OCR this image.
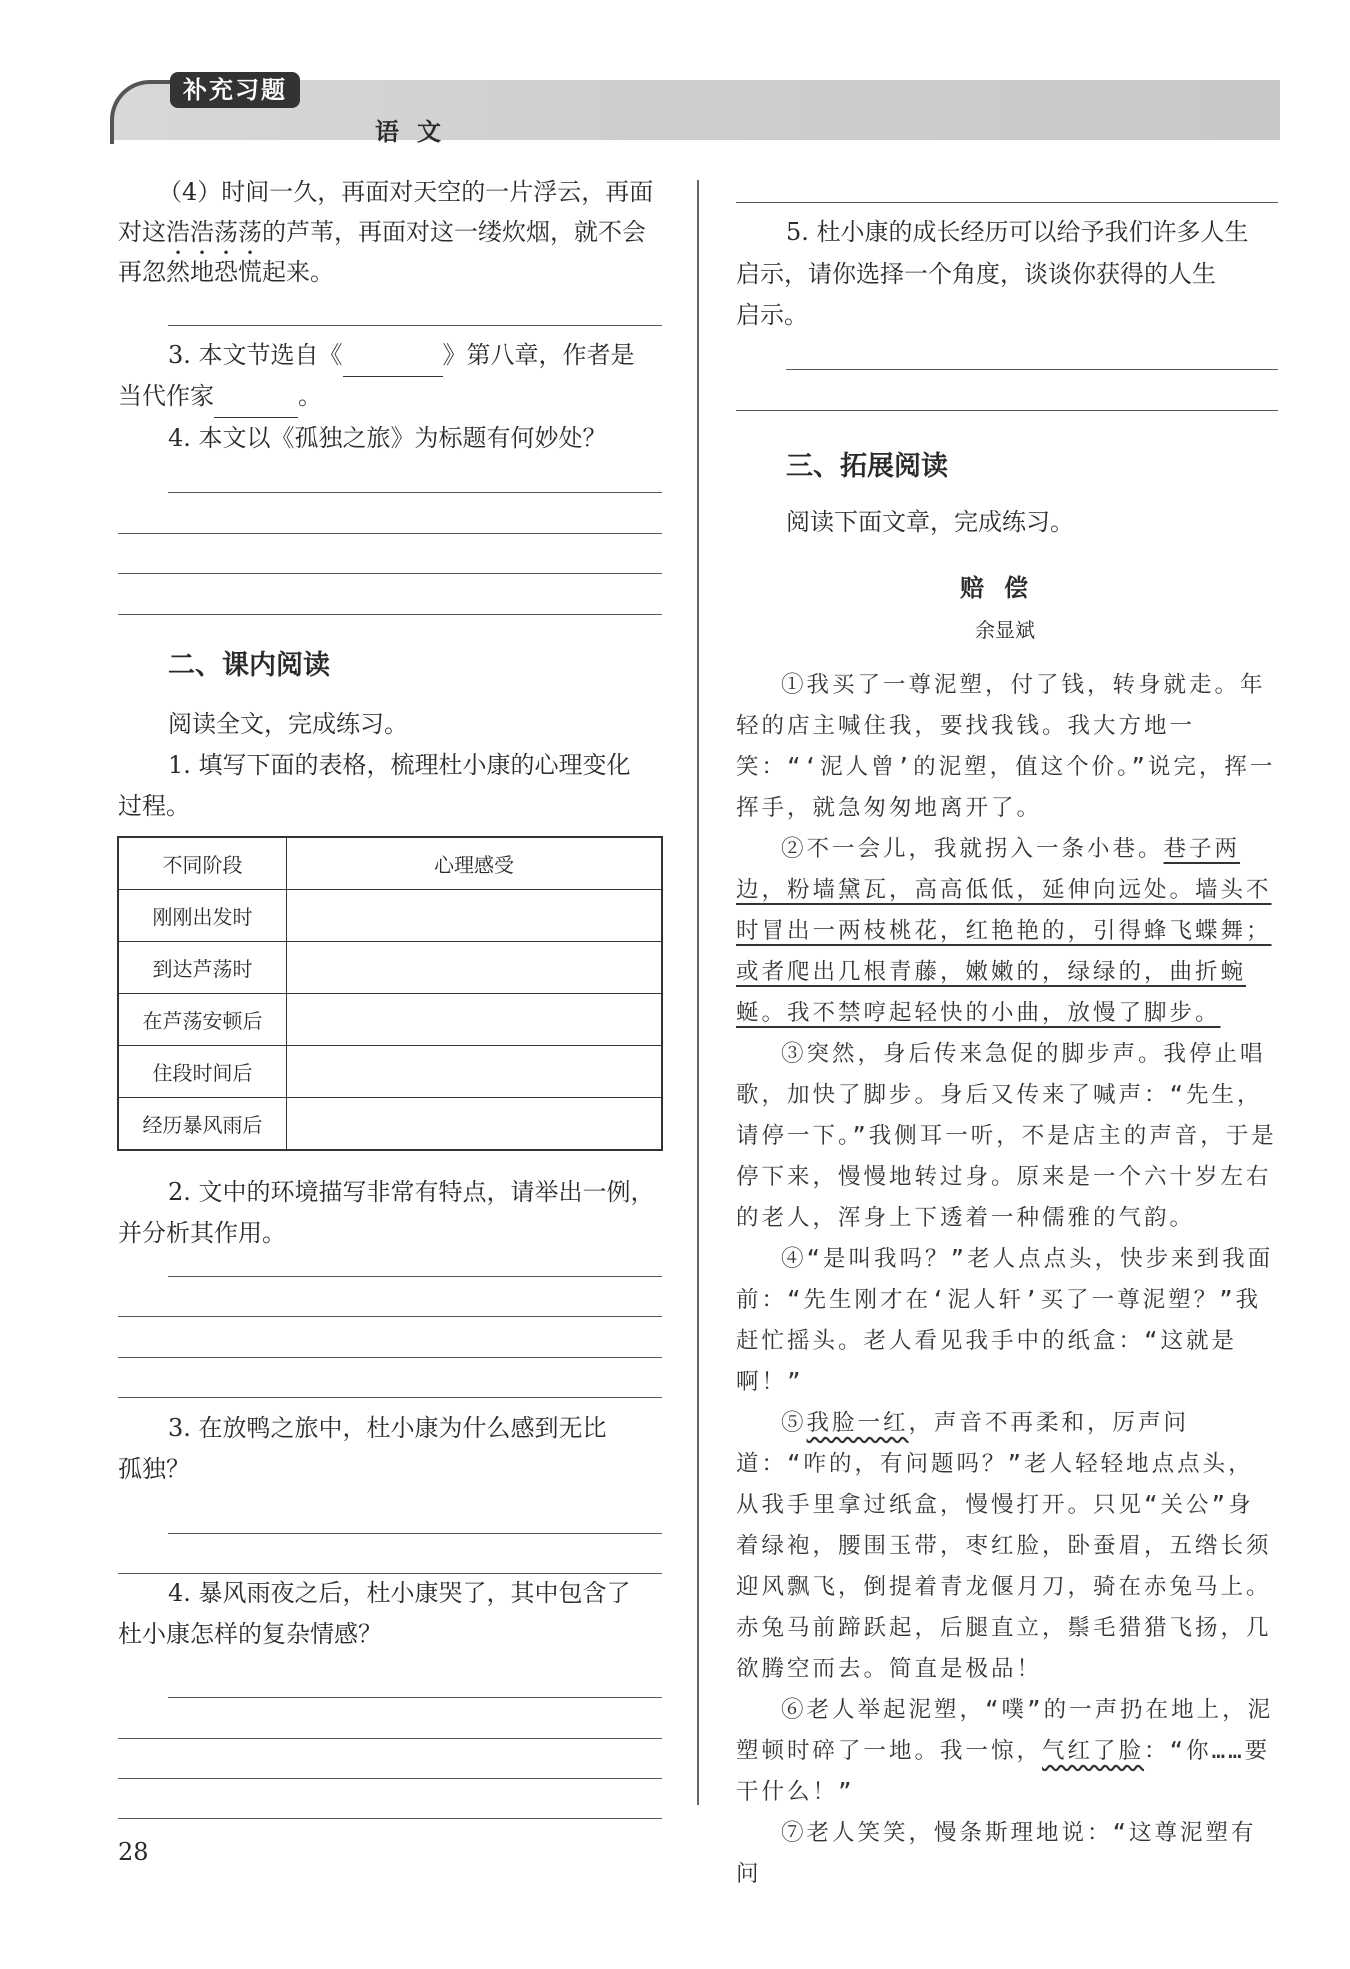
补充习题
语文
（4）时间一久，再面对天空的一片浮云，再面
对这浩浩荡荡的芦苇，再面对这一缕炊烟，就不会
再忽然地恐慌起来。
3. 本文节选自《	》第八章，作者是
当代作家	。
4. 本文以《孤独之旅》为标题有何妙处？
二、课内阅读
阅读全文，完成练习。
1. 填写下面的表格，梳理杜小康的心理变化
过程。
不同阶段	心理感受
刚刚出发时	
到达芦荡时	
在芦荡安顿后	
住段时间后	
经历暴风雨后	
2. 文中的环境描写非常有特点，请举出一例，
并分析其作用。
3. 在放鸭之旅中，杜小康为什么感到无比
孤独？
4. 暴风雨夜之后，杜小康哭了，其中包含了
杜小康怎样的复杂情感？
5. 杜小康的成长经历可以给予我们许多人生
启示，请你选择一个角度，谈谈你获得的人生
启示。
三、拓展阅读
阅读下面文章，完成练习。
赔偿
余显斌

①我买了一尊泥塑，付了钱，转身就走。年轻的店主喊住我，要找我钱。我大方地一笑：“‘泥人曾’的泥塑，值这个价。”说完，挥一挥手，就急匆匆地离开了。

②不一会儿，我就拐入一条小巷。巷子两边，粉墙黛瓦，高高低低，延伸向远处。墙头不时冒出一两枝桃花，红艳艳的，引得蜂飞蝶舞；或者爬出几根青藤，嫩嫩的，绿绿的，曲折蜿蜒。我不禁哼起轻快的小曲，放慢了脚步。

③突然，身后传来急促的脚步声。我停止唱歌，加快了脚步。身后又传来了喊声：“先生，请停一下。”我侧耳一听，不是店主的声音，于是停下来，慢慢地转过身。原来是一个六十岁左右的老人，浑身上下透着一种儒雅的气韵。

④“是叫我吗？”老人点点头，快步来到我面前：“先生刚才在‘泥人轩’买了一尊泥塑？”我赶忙摇头。老人看见我手中的纸盒：“这就是啊！”

⑤我脸一红，声音不再柔和，厉声问道：“咋的，有问题吗？”老人轻轻地点点头，从我手里拿过纸盒，慢慢打开。只见“关公”身着绿袍，腰围玉带，枣红脸，卧蚕眉，五绺长须迎风飘飞，倒提着青龙偃月刀，骑在赤兔马上。赤兔马前蹄跃起，后腿直立，鬃毛猎猎飞扬，几欲腾空而去。简直是极品！

⑥老人举起泥塑，“噗”的一声扔在地上，泥塑顿时碎了一地。我一惊，气红了脸：“你……要干什么！”

⑦老人笑笑，慢条斯理地说：“这尊泥塑有问

28
